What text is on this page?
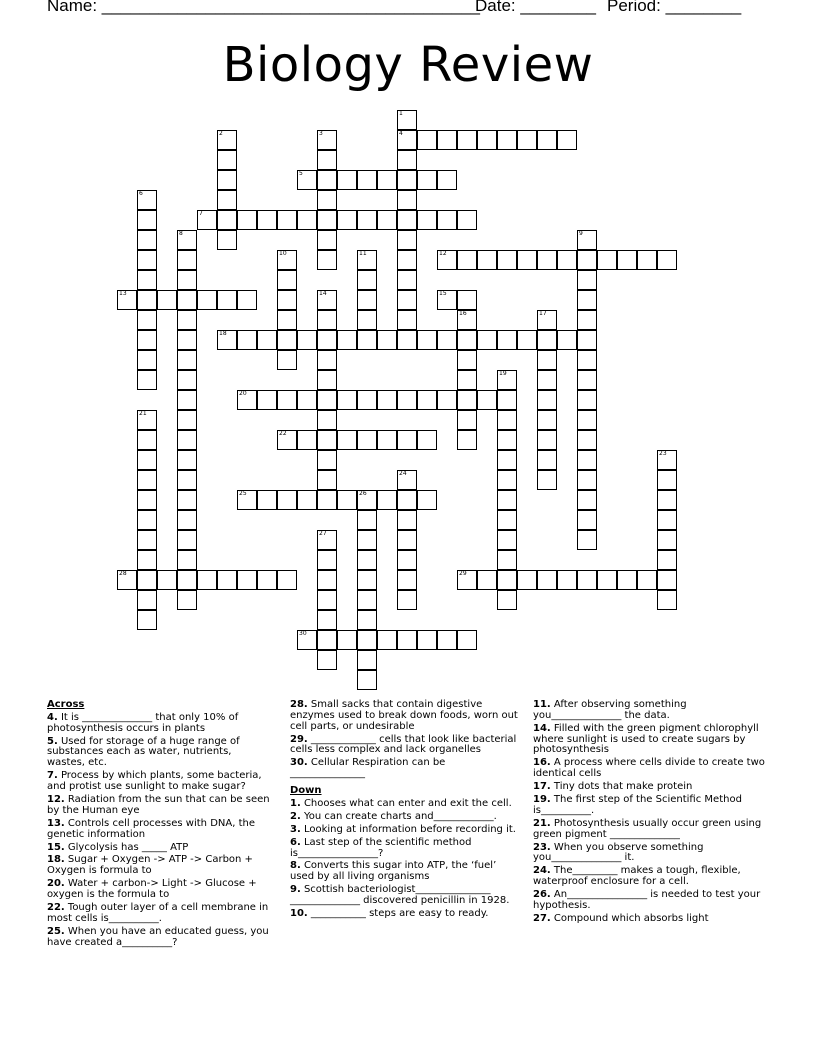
Name: ________________________________________
Date: ________ Period: ________
Biology Review
1
2	3	4
5
6
7
8	9
10	11	12
13	14	15
16	17
18
19
20
21
22
23
24
25	26
27
28	29
30
Across
4. It is ______________ that only 10% of photosynthesis occurs in plants
5. Used for storage of a huge range of substances each as water, nutrients, wastes, etc.
7. Process by which plants, some bacteria, and protist use sunlight to make sugar?
12. Radiation from the sun that can be seen by the Human eye
13. Controls cell processes with DNA, the genetic information
15. Glycolysis has _____ ATP
18. Sugar + Oxygen -> ATP -> Carbon + Oxygen is formula to
20. Water + carbon-> Light -> Glucose + oxygen is the formula to
22. Tough outer layer of a cell membrane in most cells is__________.
25. When you have an educated guess, you have created a__________?
28. Small sacks that contain digestive enzymes used to break down foods, worn out cell parts, or undesirable
29. _____________ cells that look like bacterial cells less complex and lack organelles
30. Cellular Respiration can be _______________
Down
1. Chooses what can enter and exit the cell.
2. You can create charts and____________.
3. Looking at information before recording it.
6. Last step of the scientific method is________________?
8. Converts this sugar into ATP, the ‘fuel’ used by all living organisms
9. Scottish bacteriologist_______________ ______________ discovered penicillin in 1928.
10. ___________ steps are easy to ready.
11. After observing something you______________ the data.
14. Filled with the green pigment chlorophyll where sunlight is used to create sugars by photosynthesis
16. A process where cells divide to create two identical cells
17. Tiny dots that make protein
19. The first step of the Scientific Method is__________.
21. Photosynthesis usually occur green using green pigment ______________
23. When you observe something you______________ it.
24. The_________ makes a tough, flexible, waterproof enclosure for a cell.
26. An________________ is needed to test your hypothesis.
27. Compound which absorbs light
